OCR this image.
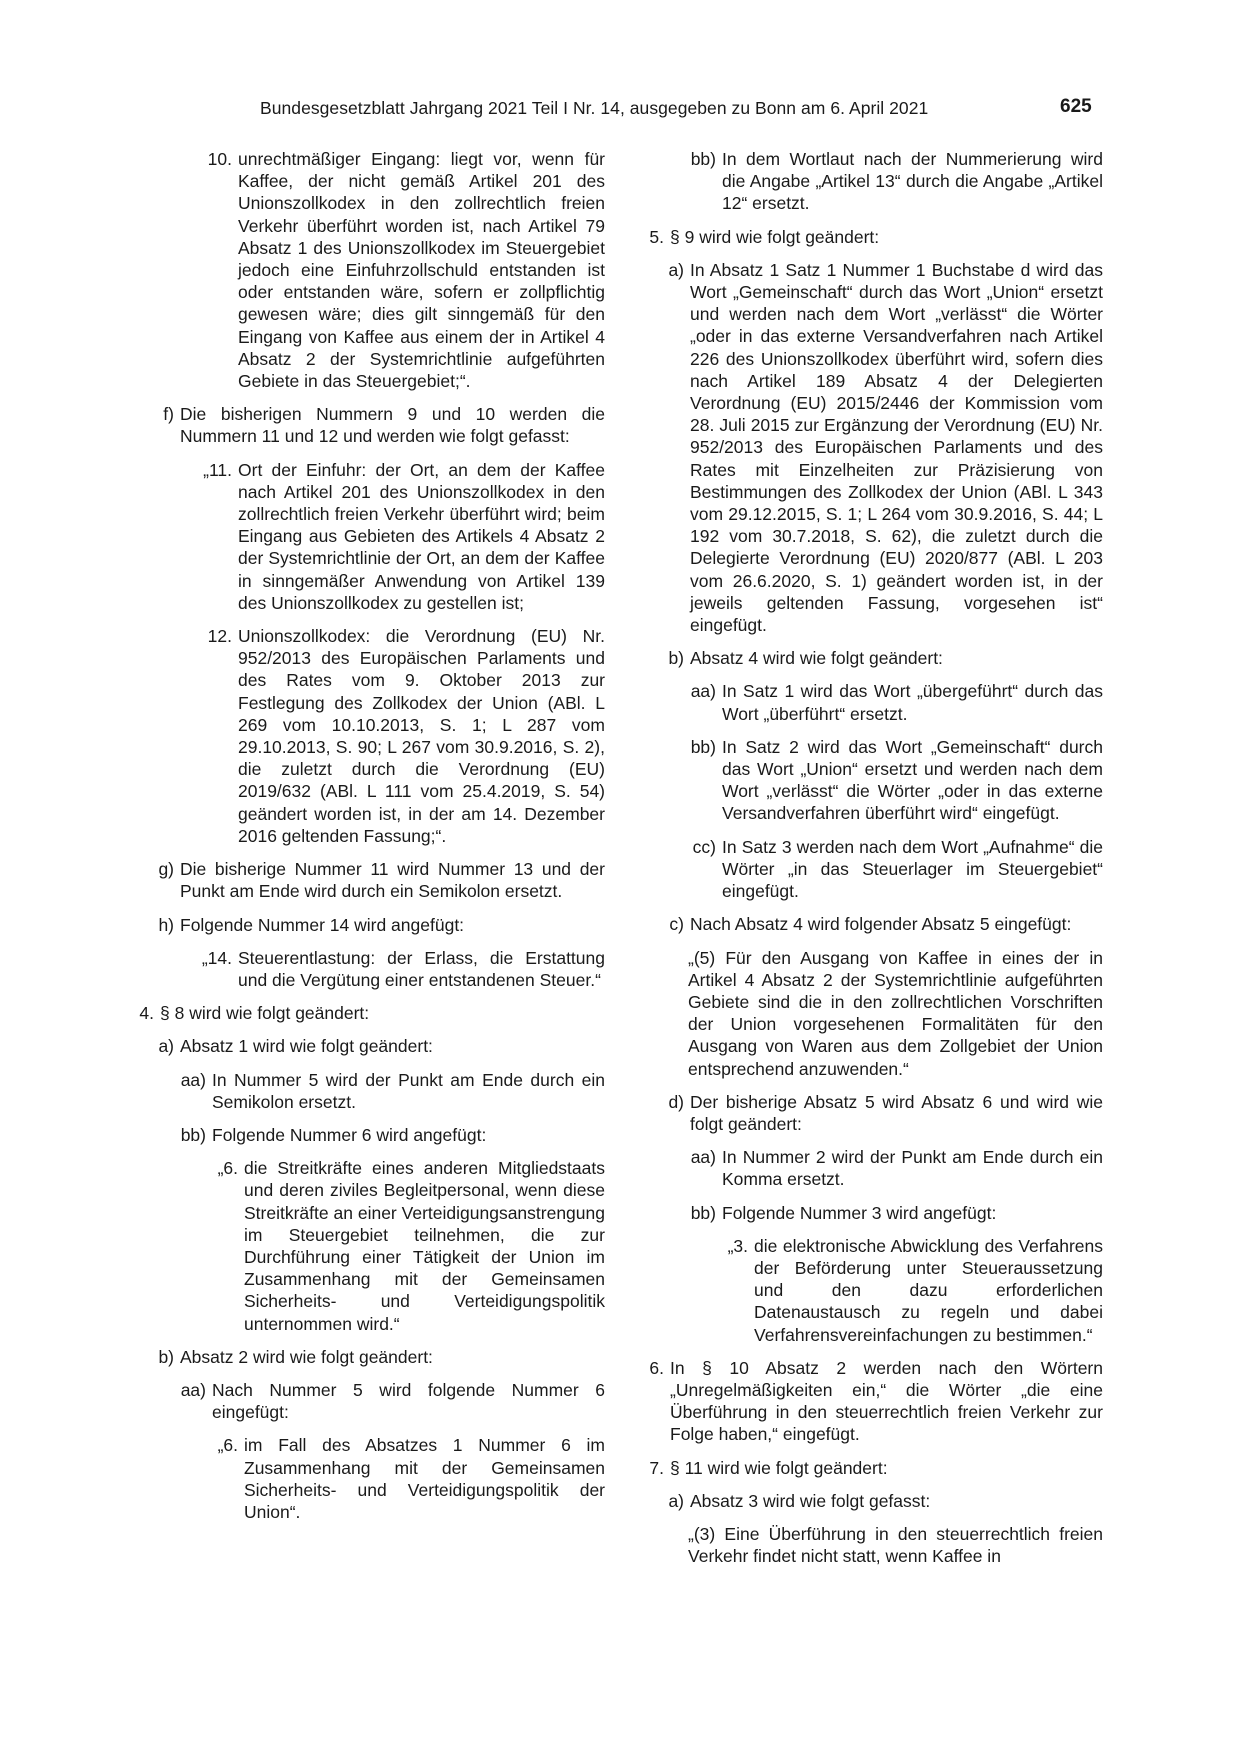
Bundesgesetzblatt Jahrgang 2021 Teil I Nr. 14, ausgegeben zu Bonn am 6. April 2021	625
10. unrechtmäßiger Eingang: liegt vor, wenn für Kaffee, der nicht gemäß Artikel 201 des Unionszollkodex in den zollrechtlich freien Verkehr überführt worden ist, nach Artikel 79 Absatz 1 des Unionszollkodex im Steuergebiet jedoch eine Einfuhrzollschuld entstanden ist oder entstanden wäre, sofern er zollpflichtig gewesen wäre; dies gilt sinngemäß für den Eingang von Kaffee aus einem der in Artikel 4 Absatz 2 der Systemrichtlinie aufgeführten Gebiete in das Steuergebiet;“.
f) Die bisherigen Nummern 9 und 10 werden die Nummern 11 und 12 und werden wie folgt gefasst:
„11. Ort der Einfuhr: der Ort, an dem der Kaffee nach Artikel 201 des Unionszollkodex in den zollrechtlich freien Verkehr überführt wird; beim Eingang aus Gebieten des Artikels 4 Absatz 2 der Systemrichtlinie der Ort, an dem der Kaffee in sinngemäßer Anwendung von Artikel 139 des Unionszollkodex zu gestellen ist;
12. Unionszollkodex: die Verordnung (EU) Nr. 952/2013 des Europäischen Parlaments und des Rates vom 9. Oktober 2013 zur Festlegung des Zollkodex der Union (ABl. L 269 vom 10.10.2013, S. 1; L 287 vom 29.10.2013, S. 90; L 267 vom 30.9.2016, S. 2), die zuletzt durch die Verordnung (EU) 2019/632 (ABl. L 111 vom 25.4.2019, S. 54) geändert worden ist, in der am 14. Dezember 2016 geltenden Fassung;“.
g) Die bisherige Nummer 11 wird Nummer 13 und der Punkt am Ende wird durch ein Semikolon ersetzt.
h) Folgende Nummer 14 wird angefügt:
„14. Steuerentlastung: der Erlass, die Erstattung und die Vergütung einer entstandenen Steuer.“
4. § 8 wird wie folgt geändert:
a) Absatz 1 wird wie folgt geändert:
aa) In Nummer 5 wird der Punkt am Ende durch ein Semikolon ersetzt.
bb) Folgende Nummer 6 wird angefügt:
„6. die Streitkräfte eines anderen Mitgliedstaats und deren ziviles Begleitpersonal, wenn diese Streitkräfte an einer Verteidigungsanstrengung im Steuergebiet teilnehmen, die zur Durchführung einer Tätigkeit der Union im Zusammenhang mit der Gemeinsamen Sicherheits- und Verteidigungspolitik unternommen wird.“
b) Absatz 2 wird wie folgt geändert:
aa) Nach Nummer 5 wird folgende Nummer 6 eingefügt:
„6. im Fall des Absatzes 1 Nummer 6 im Zusammenhang mit der Gemeinsamen Sicherheits- und Verteidigungspolitik der Union“.
bb) In dem Wortlaut nach der Nummerierung wird die Angabe „Artikel 13“ durch die Angabe „Artikel 12“ ersetzt.
5. § 9 wird wie folgt geändert:
a) In Absatz 1 Satz 1 Nummer 1 Buchstabe d wird das Wort „Gemeinschaft“ durch das Wort „Union“ ersetzt und werden nach dem Wort „verlässt“ die Wörter „oder in das externe Versandverfahren nach Artikel 226 des Unionszollkodex überführt wird, sofern dies nach Artikel 189 Absatz 4 der Delegierten Verordnung (EU) 2015/2446 der Kommission vom 28. Juli 2015 zur Ergänzung der Verordnung (EU) Nr. 952/2013 des Europäischen Parlaments und des Rates mit Einzelheiten zur Präzisierung von Bestimmungen des Zollkodex der Union (ABl. L 343 vom 29.12.2015, S. 1; L 264 vom 30.9.2016, S. 44; L 192 vom 30.7.2018, S. 62), die zuletzt durch die Delegierte Verordnung (EU) 2020/877 (ABl. L 203 vom 26.6.2020, S. 1) geändert worden ist, in der jeweils geltenden Fassung, vorgesehen ist“ eingefügt.
b) Absatz 4 wird wie folgt geändert:
aa) In Satz 1 wird das Wort „übergeführt“ durch das Wort „überführt“ ersetzt.
bb) In Satz 2 wird das Wort „Gemeinschaft“ durch das Wort „Union“ ersetzt und werden nach dem Wort „verlässt“ die Wörter „oder in das externe Versandverfahren überführt wird“ eingefügt.
cc) In Satz 3 werden nach dem Wort „Aufnahme“ die Wörter „in das Steuerlager im Steuergebiet“ eingefügt.
c) Nach Absatz 4 wird folgender Absatz 5 eingefügt:
„(5) Für den Ausgang von Kaffee in eines der in Artikel 4 Absatz 2 der Systemrichtlinie aufgeführten Gebiete sind die in den zollrechtlichen Vorschriften der Union vorgesehenen Formalitäten für den Ausgang von Waren aus dem Zollgebiet der Union entsprechend anzuwenden.“
d) Der bisherige Absatz 5 wird Absatz 6 und wird wie folgt geändert:
aa) In Nummer 2 wird der Punkt am Ende durch ein Komma ersetzt.
bb) Folgende Nummer 3 wird angefügt:
„3. die elektronische Abwicklung des Verfahrens der Beförderung unter Steueraussetzung und den dazu erforderlichen Datenaustausch zu regeln und dabei Verfahrensvereinfachungen zu bestimmen.“
6. In § 10 Absatz 2 werden nach den Wörtern „Unregelmäßigkeiten ein,“ die Wörter „die eine Überführung in den steuerrechtlich freien Verkehr zur Folge haben,“ eingefügt.
7. § 11 wird wie folgt geändert:
a) Absatz 3 wird wie folgt gefasst:
„(3) Eine Überführung in den steuerrechtlich freien Verkehr findet nicht statt, wenn Kaffee in
